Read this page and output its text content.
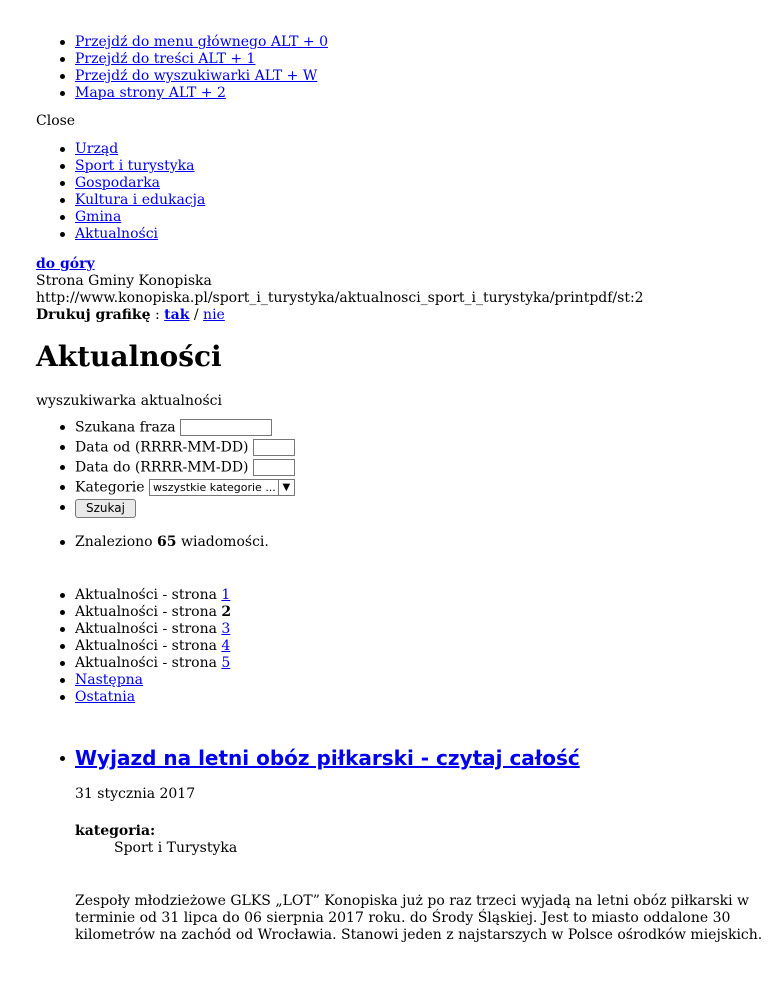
Przejdź do menu głównego ALT + 0
Przejdź do treści ALT + 1
Przejdź do wyszukiwarki ALT + W
Mapa strony ALT + 2
Close
Urząd
Sport i turystyka
Gospodarka
Kultura i edukacja
Gmina
Aktualności
do góry
Strona Gminy Konopiska
http://www.konopiska.pl/sport_i_turystyka/aktualnosci_sport_i_turystyka/printpdf/st:2
Drukuj grafikę : tak / nie
Aktualności
wyszukiwarka aktualności
Szukana fraza
Data od (RRRR-MM-DD)
Data do (RRRR-MM-DD)
Kategorie wszystkie kategorie ... ▼
Szukaj
Znaleziono 65 wiadomości.
Aktualności - strona 1
Aktualności - strona 2
Aktualności - strona 3
Aktualności - strona 4
Aktualności - strona 5
Następna
Ostatnia
Wyjazd na letni obóz piłkarski - czytaj całość
31 stycznia 2017
kategoria:
Sport i Turystyka
Zespoły młodzieżowe GLKS „LOT” Konopiska już po raz trzeci wyjadą na letni obóz piłkarski w
terminie od 31 lipca do 06 sierpnia 2017 roku. do Środy Śląskiej. Jest to miasto oddalone 30
kilometrów na zachód od Wrocławia. Stanowi jeden z najstarszych w Polsce ośrodków miejskich.
